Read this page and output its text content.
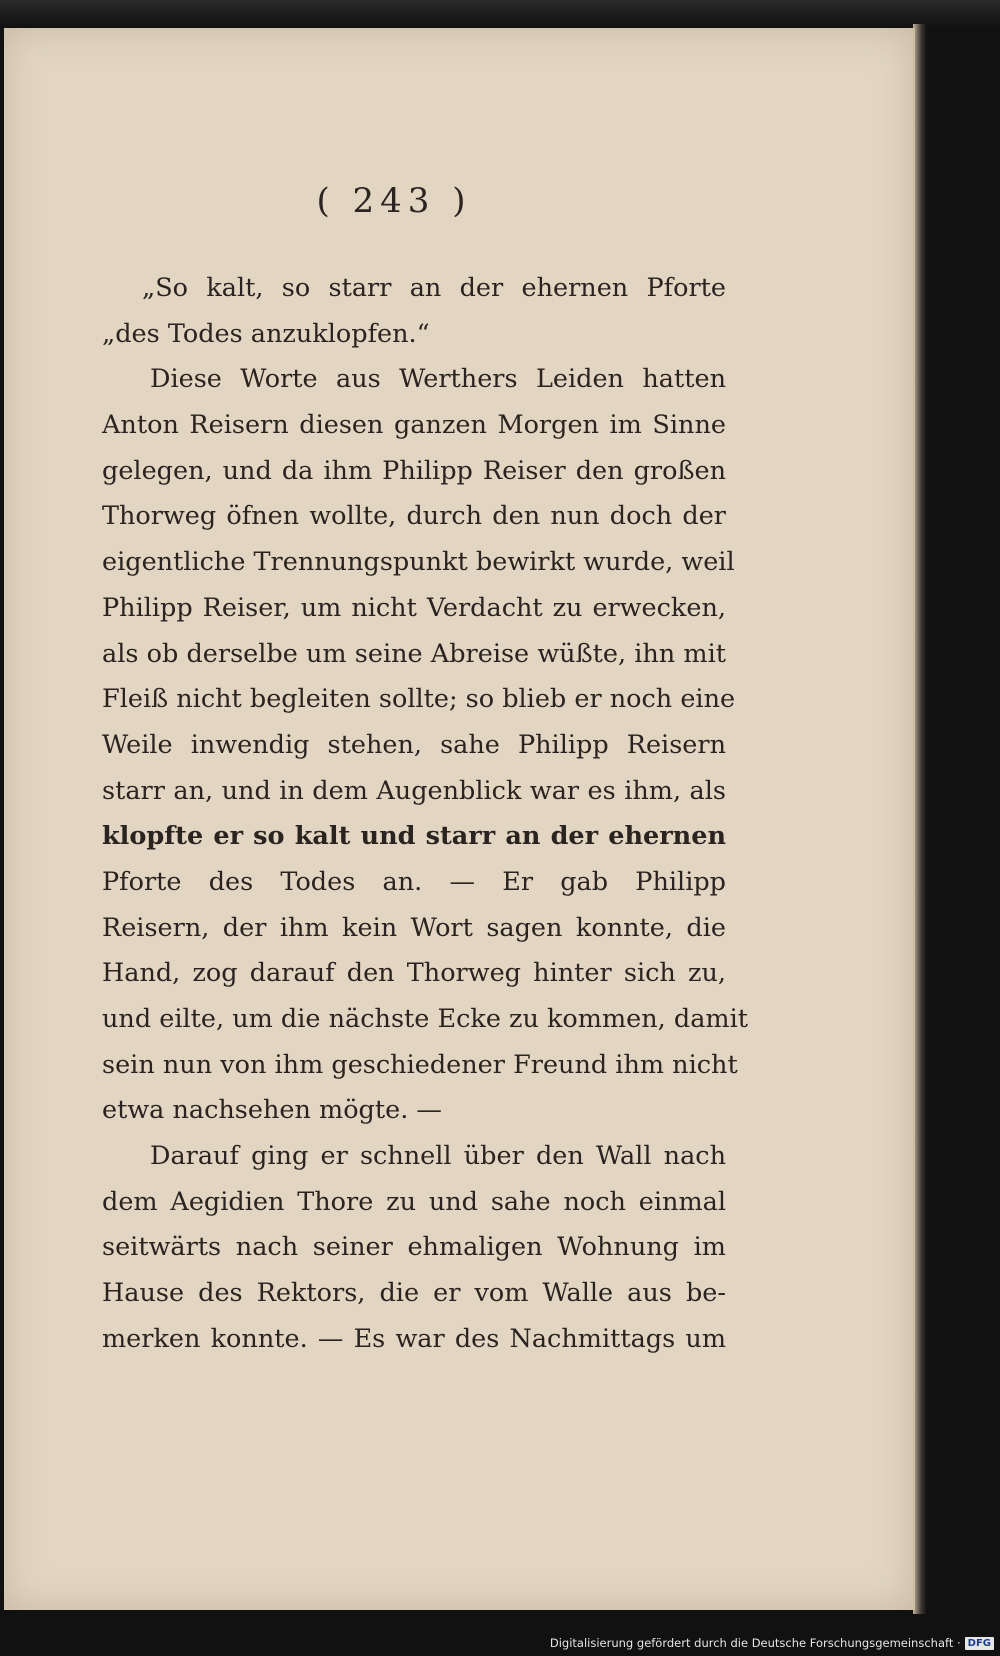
( 243 )
„So kalt, so starr an der ehernen Pforte
„des Todes anzuklopfen.“
Diese Worte aus Werthers Leiden hatten
Anton Reisern diesen ganzen Morgen im Sinne
gelegen, und da ihm Philipp Reiser den großen
Thorweg öfnen wollte, durch den nun doch der
eigentliche Trennungspunkt bewirkt wurde, weil
Philipp Reiser, um nicht Verdacht zu erwecken,
als ob derselbe um seine Abreise wüßte, ihn mit
Fleiß nicht begleiten sollte; so blieb er noch eine
Weile inwendig stehen, sahe Philipp Reisern
starr an, und in dem Augenblick war es ihm, als
klopfte er so kalt und starr an der ehernen
Pforte des Todes an. — Er gab Philipp
Reisern, der ihm kein Wort sagen konnte, die
Hand, zog darauf den Thorweg hinter sich zu,
und eilte, um die nächste Ecke zu kommen, damit
sein nun von ihm geschiedener Freund ihm nicht
etwa nachsehen mögte. —
Darauf ging er schnell über den Wall nach
dem Aegidien Thore zu und sahe noch einmal
seitwärts nach seiner ehmaligen Wohnung im
Hause des Rektors, die er vom Walle aus be-
merken konnte. — Es war des Nachmittags um
Digitalisierung gefördert durch die Deutsche Forschungsgemeinschaft · DFG
